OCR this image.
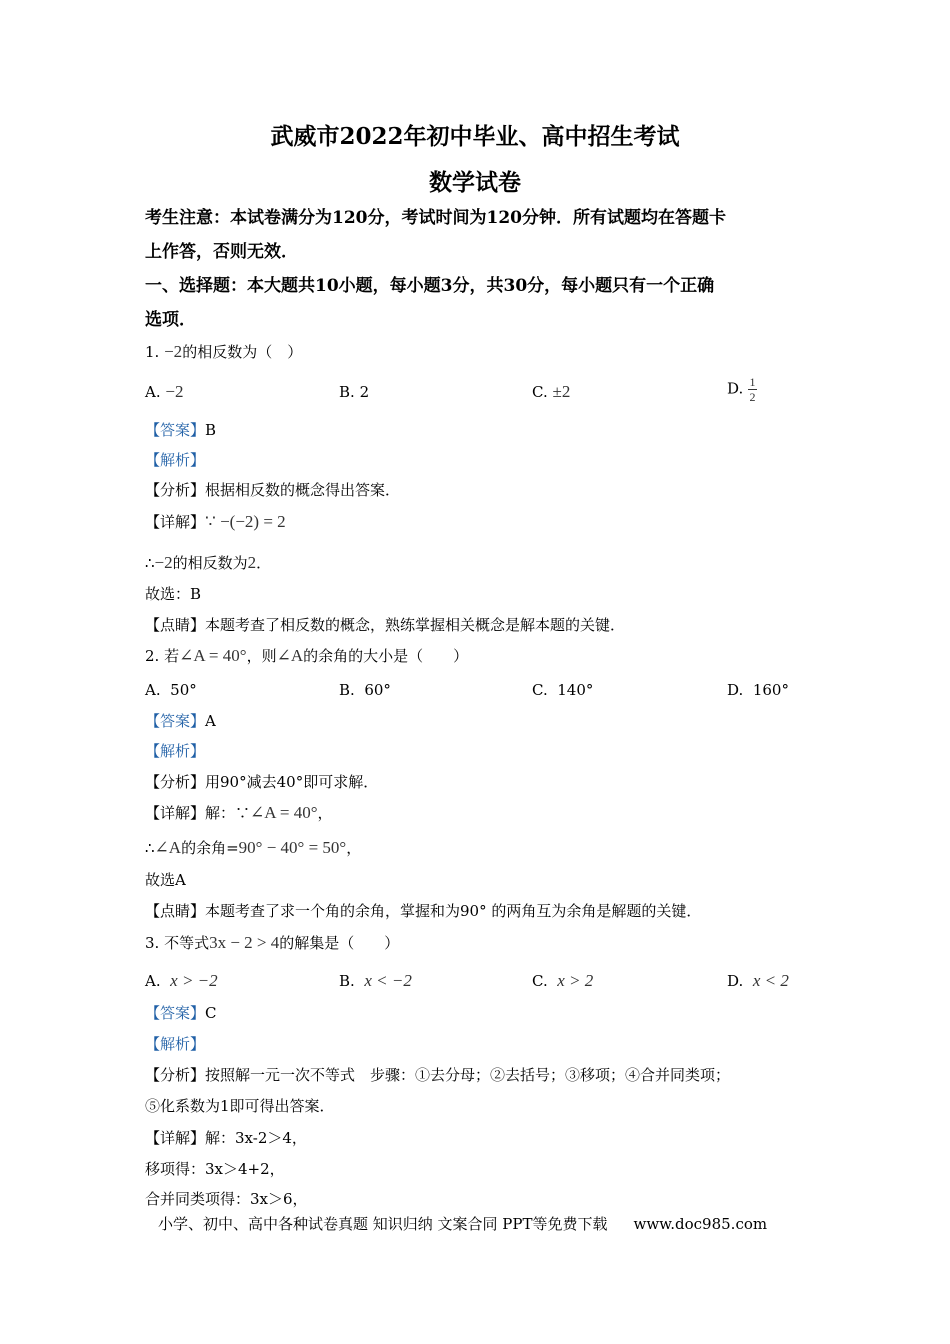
武威市2022年初中毕业、高中招生考试
数学试卷
考生注意：本试卷满分为120分，考试时间为120分钟．所有试题均在答题卡
上作答，否则无效．
一、选择题：本大题共10小题，每小题3分，共30分，每小题只有一个正确
选项．
1. −2的相反数为（　）
A. −2	B. 2	C. ±2	D. $\frac{1}{2}$
【答案】B
【解析】
【分析】根据相反数的概念得出答案．
【详解】∵ −(−2) = 2
∴−2的相反数为2．
故选：B
【点睛】本题考查了相反数的概念，熟练掌握相关概念是解本题的关键．
2. 若∠A = 40°，则∠A的余角的大小是（　　）
A. 50°	B. 60°	C. 140°	D. 160°
【答案】A
【解析】
【分析】用90°减去40°即可求解．
【详解】解：∵∠A = 40°，
∴∠A的余角=90° − 40° = 50°，
故选A
【点睛】本题考查了求一个角的余角，掌握和为90° 的两角互为余角是解题的关键．
3. 不等式3x − 2 > 4的解集是（　　）
A. x > −2	B. x < −2	C. x > 2	D. x < 2
【答案】C
【解析】
【分析】按照解一元一次不等式　步骤：①去分母；②去括号；③移项；④合并同类项；
⑤化系数为1即可得出答案．
【详解】解：3x-2＞4，
移项得：3x＞4+2，
合并同类项得：3x＞6，
小学、初中、高中各种试卷真题 知识归纳 文案合同 PPT等免费下载 www.doc985.com
